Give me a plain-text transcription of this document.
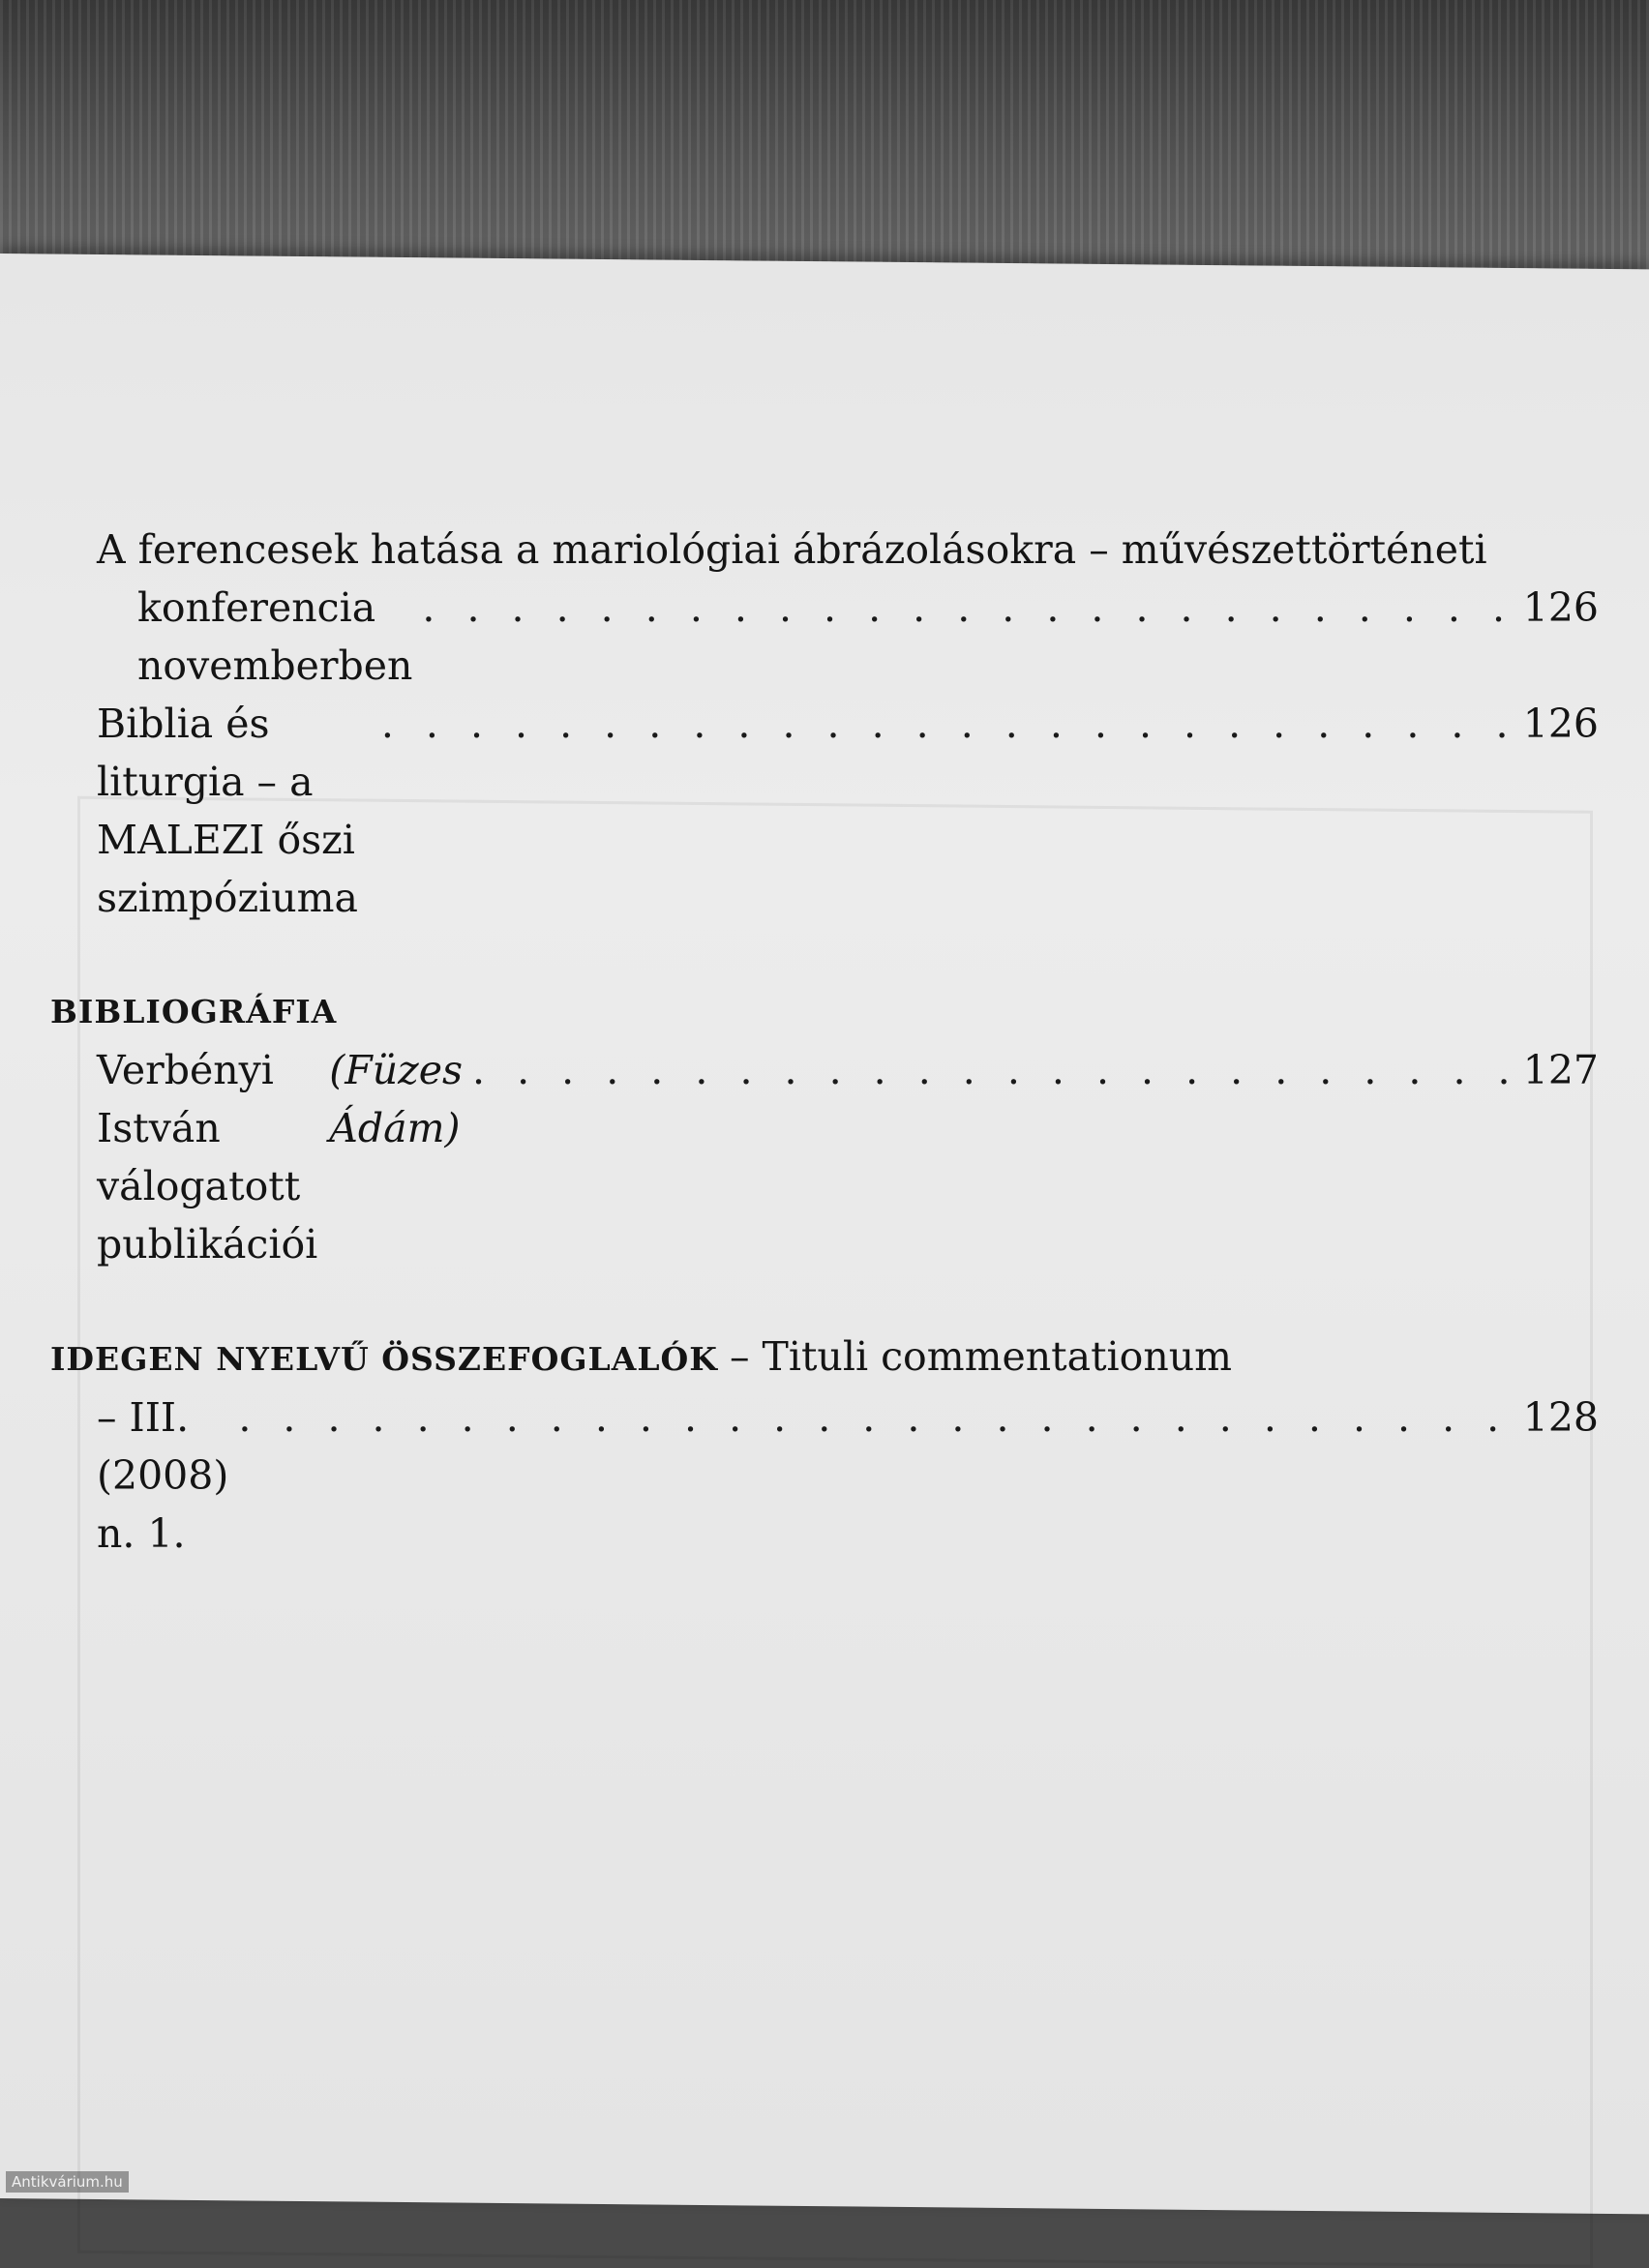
A ferencesek hatása a mariológiai ábrázolásokra – művészettörténeti
konferencia novemberben
. . .
126
Biblia és liturgia – a MALEZI őszi szimpóziuma
. . .
126
BIBLIOGRÁFIA
Verbényi István válogatott publikációi
(Füzes Ádám)
. . .
127
IDEGEN NYELVŰ ÖSSZEFOGLALÓK – Tituli commentationum
– III. (2008) n. 1.
. . .
128
Antikvárium.hu
